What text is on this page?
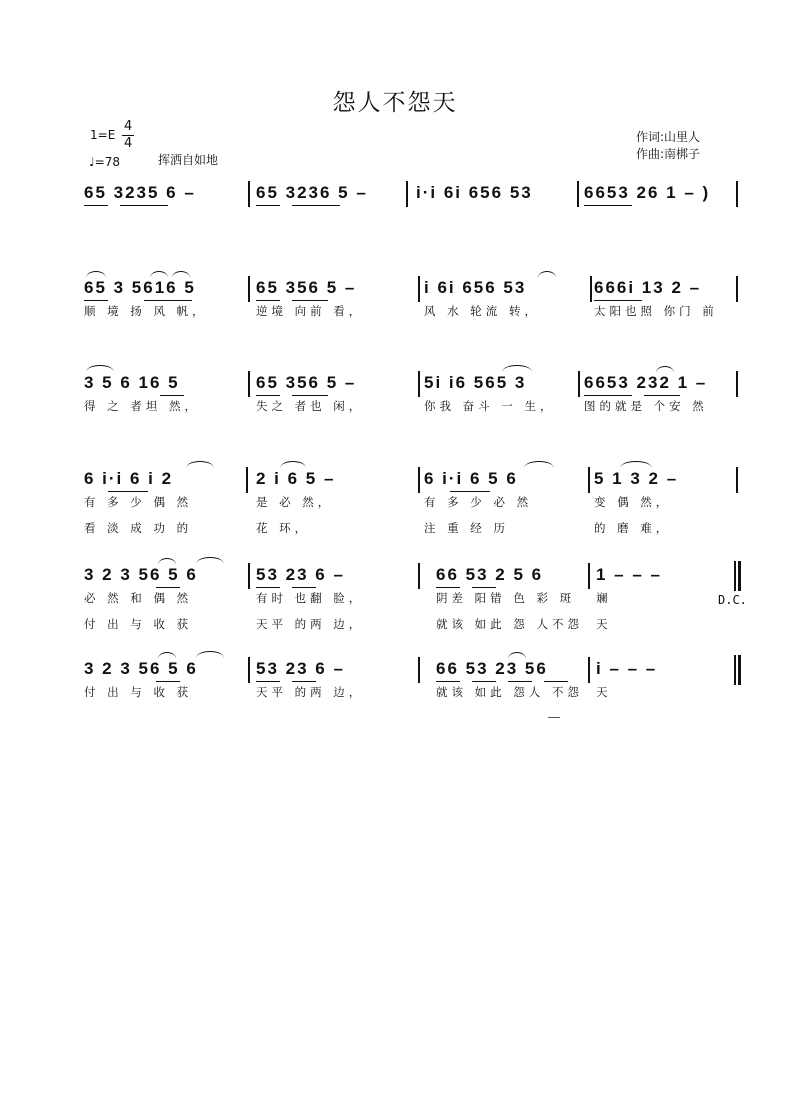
怨人不怨天
1=E
4
4
♩=78	挥洒自如地
作词:山里人
作曲:南梆子
65 3235 6 –	65 3236 5 –	i·i 6i 656 53	6653 26 1 – )
65 3 5616 5	65 356 5 –	i 6i 656 53	666i 13 2 –
顺 境 扬 风 帆，	逆境 向前 看，	风 水 轮流 转，	太阳也照 你门 前
3 5 6 16 5	65 356 5 –	5i i6 565 3	6653 232 1 –
得 之 者坦 然，	失之 者也 闲，	你我 奋斗 一 生， 图的就是 个安 然
6 i·i 6 i 2	2 i 6 5 –	6 i·i 6 5 6	5 1 3 2 –
有 多 少 偶 然	是 必 然，	有 多 少 必 然	变 偶 然，
看 淡 成 功 的	花 环，	注 重 经 历	的 磨 难，
3 2 3 56 5 6	53 23 6 –	66 53 2 5 6	1 – – –
必 然 和 偶 然	有时 也翻 脸，	阴差 阳错 色 彩 斑 斓
付 出 与 收 获	天平 的两 边，	就该 如此 怨 人不怨 天
D.C.
3 2 3 56 5 6	53 23 6 –	66 53 23 56	i – – –
付 出 与 收 获	天平 的两 边，	就该 如此 怨人 不怨 天
